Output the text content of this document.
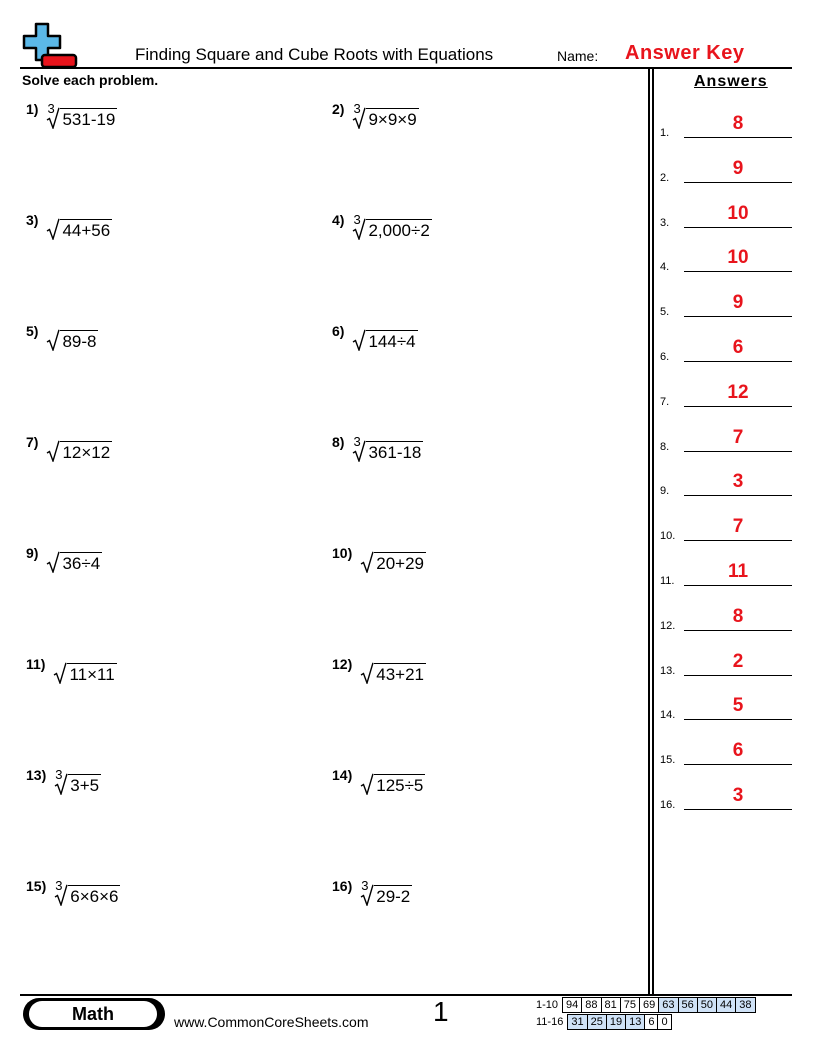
Finding Square and Cube Roots with Equations	Name: Answer Key
Solve each problem.	Answers
1) 3
531-19
2) 3
9×9×9
3)
44+56
4) 3
2,000÷2
5)
89-8
6)
144÷4
7)
12×12
8) 3
361-18
9)
36÷4
10)
20+29
11)
11×11
12)
43+21
13) 3
3+5
14)
125÷5
15) 3
6×6×6
16) 3
29-2
1.	8
2.	9
3.	10
4.	10
5.	9
6.	6
7.	12
8.	7
9.	3
10.	7
11.	11
12.	8
13.	2
14.	5
15.	6
16.	3
Math	www.CommonCoreSheets.com 1	1-10	94	88	81	75	69	63	56	50	44	38
11-16	31	25	19	13	6	0
